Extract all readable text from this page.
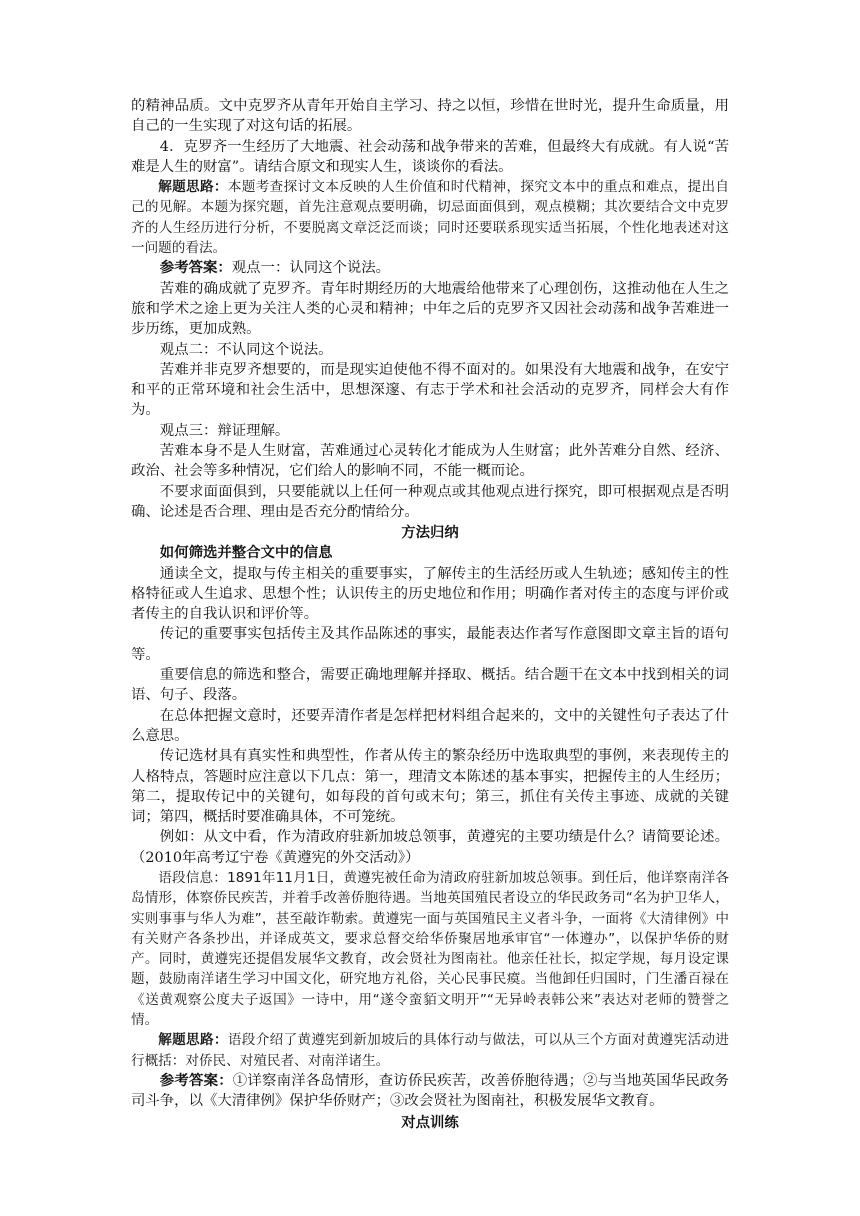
的精神品质。文中克罗齐从青年开始自主学习、持之以恒，珍惜在世时光，提升生命质量，用自己的一生实现了对这句话的拓展。

4．克罗齐一生经历了大地震、社会动荡和战争带来的苦难，但最终大有成就。有人说“苦难是人生的财富”。请结合原文和现实人生，谈谈你的看法。

解题思路：本题考查探讨文本反映的人生价值和时代精神，探究文本中的重点和难点，提出自己的见解。本题为探究题，首先注意观点要明确，切忌面面俱到，观点模糊；其次要结合文中克罗齐的人生经历进行分析，不要脱离文章泛泛而谈；同时还要联系现实适当拓展，个性化地表述对这一问题的看法。

参考答案：观点一：认同这个说法。

苦难的确成就了克罗齐。青年时期经历的大地震给他带来了心理创伤，这推动他在人生之旅和学术之途上更为关注人类的心灵和精神；中年之后的克罗齐又因社会动荡和战争苦难进一步历练，更加成熟。

观点二：不认同这个说法。

苦难并非克罗齐想要的，而是现实迫使他不得不面对的。如果没有大地震和战争，在安宁和平的正常环境和社会生活中，思想深邃、有志于学术和社会活动的克罗齐，同样会大有作为。

观点三：辩证理解。

苦难本身不是人生财富，苦难通过心灵转化才能成为人生财富；此外苦难分自然、经济、政治、社会等多种情况，它们给人的影响不同，不能一概而论。

不要求面面俱到，只要能就以上任何一种观点或其他观点进行探究，即可根据观点是否明确、论述是否合理、理由是否充分酌情给分。

方法归纳

如何筛选并整合文中的信息

通读全文，提取与传主相关的重要事实，了解传主的生活经历或人生轨迹；感知传主的性格特征或人生追求、思想个性；认识传主的历史地位和作用；明确作者对传主的态度与评价或者传主的自我认识和评价等。

传记的重要事实包括传主及其作品陈述的事实，最能表达作者写作意图即文章主旨的语句等。

重要信息的筛选和整合，需要正确地理解并择取、概括。结合题干在文本中找到相关的词语、句子、段落。

在总体把握文意时，还要弄清作者是怎样把材料组合起来的，文中的关键性句子表达了什么意思。

传记选材具有真实性和典型性，作者从传主的繁杂经历中选取典型的事例，来表现传主的人格特点，答题时应注意以下几点：第一，理清文本陈述的基本事实，把握传主的人生经历；第二，提取传记中的关键句，如每段的首句或末句；第三，抓住有关传主事迹、成就的关键词；第四，概括时要准确具体，不可笼统。

例如：从文中看，作为清政府驻新加坡总领事，黄遵宪的主要功绩是什么？请简要论述。（2010年高考辽宁卷《黄遵宪的外交活动》）

语段信息：1891年11月1日，黄遵宪被任命为清政府驻新加坡总领事。到任后，他详察南洋各岛情形，体察侨民疾苦，并着手改善侨胞待遇。当地英国殖民者设立的华民政务司“名为护卫华人，实则事事与华人为难”，甚至敲诈勒索。黄遵宪一面与英国殖民主义者斗争，一面将《大清律例》中有关财产各条抄出，并译成英文，要求总督交给华侨聚居地承审官“一体遵办”，以保护华侨的财产。同时，黄遵宪还提倡发展华文教育，改会贤社为图南社。他亲任社长，拟定学规，每月设定课题，鼓励南洋诸生学习中国文化，研究地方礼俗，关心民事民瘼。当他卸任归国时，门生潘百禄在《送黄观察公度夫子返国》一诗中，用“遂令蛮貊文明开”“无异岭表韩公来”表达对老师的赞誉之情。

解题思路：语段介绍了黄遵宪到新加坡后的具体行动与做法，可以从三个方面对黄遵宪活动进行概括：对侨民、对殖民者、对南洋诸生。

参考答案：①详察南洋各岛情形，查访侨民疾苦，改善侨胞待遇；②与当地英国华民政务司斗争，以《大清律例》保护华侨财产；③改会贤社为图南社，积极发展华文教育。

对点训练
